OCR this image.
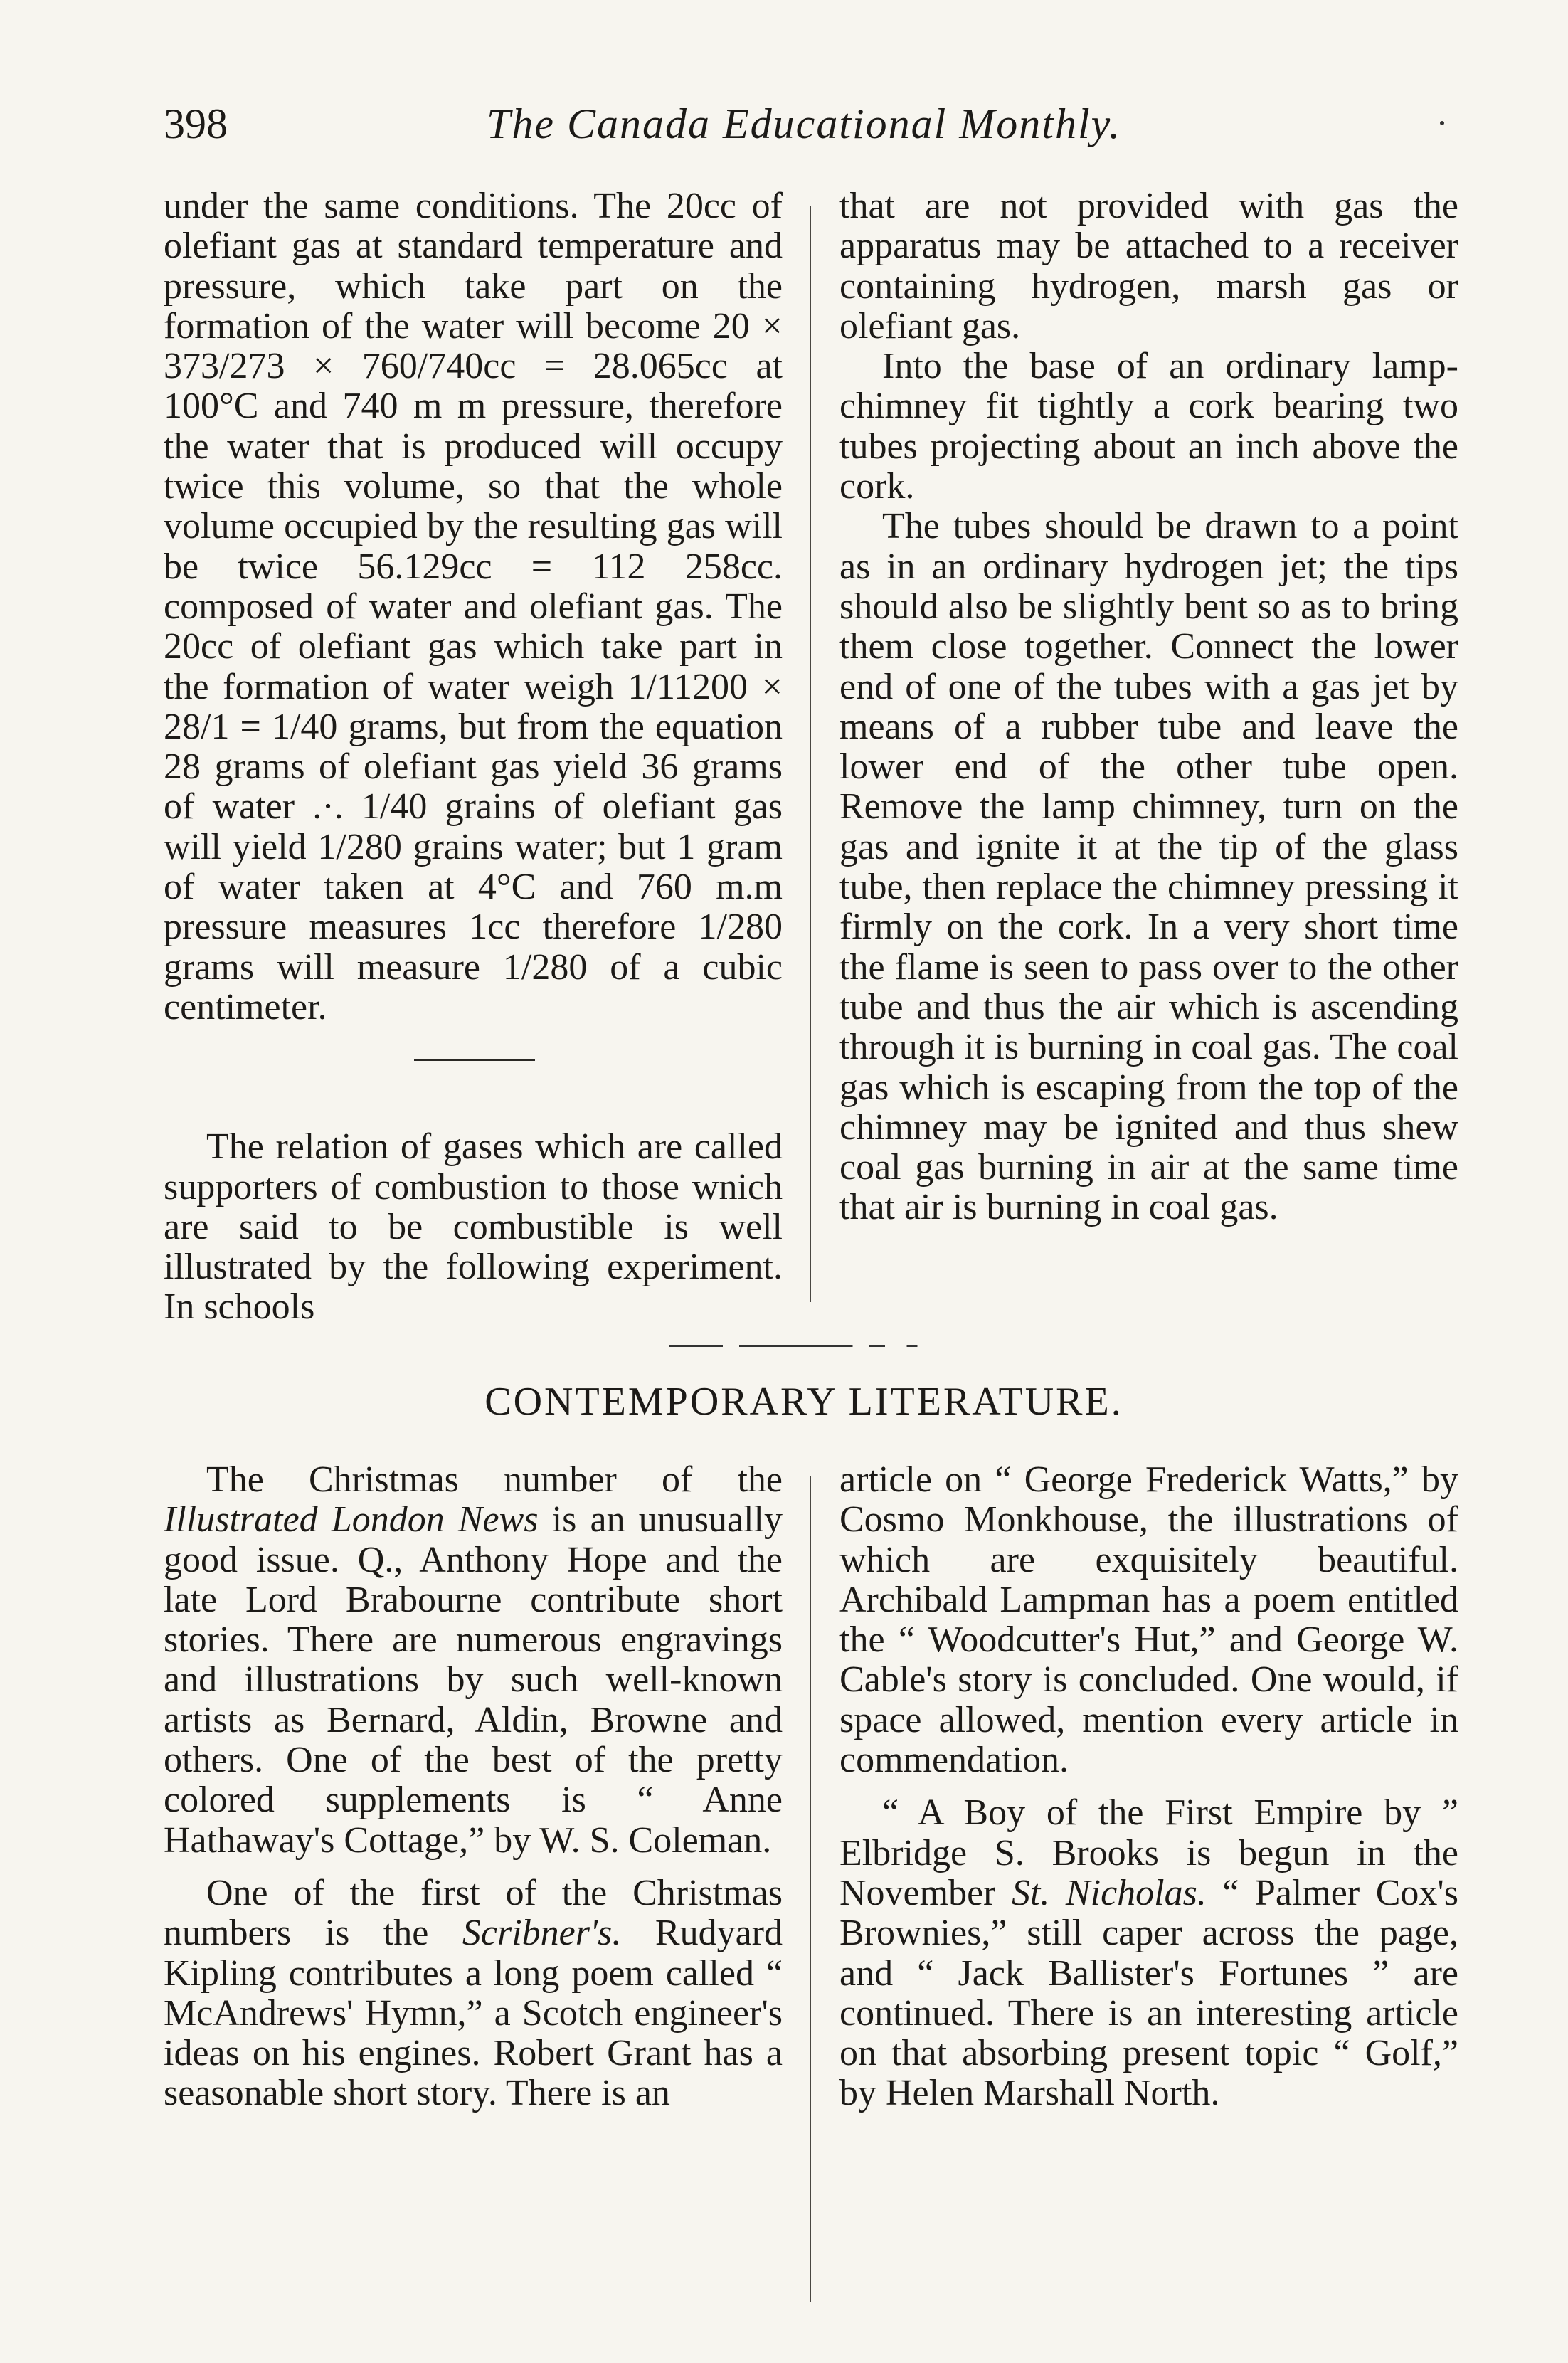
398	The Canada Educational Monthly.

under the same conditions. The 20cc of olefiant gas at standard temperature and pressure, which take part on the formation of the water will become 20 × 373/273 × 760/740cc = 28.065cc at 100°C and 740 m m pressure, therefore the water that is produced will occupy twice this volume, so that the whole volume occupied by the resulting gas will be twice 56.129cc = 112 258cc. composed of water and olefiant gas. The 20cc of olefiant gas which take part in the formation of water weigh 1/11200 × 28/1 = 1/40 grams, but from the equation 28 grams of olefiant gas yield 36 grams of water .·. 1/40 grains of olefiant gas will yield 1/280 grains water; but 1 gram of water taken at 4°C and 760 m.m pressure measures 1cc therefore 1/280 grams will measure 1/280 of a cubic centimeter.

The relation of gases which are called supporters of combustion to those wnich are said to be combustible is well illustrated by the following experiment. In schools

that are not provided with gas the apparatus may be attached to a receiver containing hydrogen, marsh gas or olefiant gas.

Into the base of an ordinary lamp-chimney fit tightly a cork bearing two tubes projecting about an inch above the cork.

The tubes should be drawn to a point as in an ordinary hydrogen jet; the tips should also be slightly bent so as to bring them close together. Connect the lower end of one of the tubes with a gas jet by means of a rubber tube and leave the lower end of the other tube open. Remove the lamp chimney, turn on the gas and ignite it at the tip of the glass tube, then replace the chimney pressing it firmly on the cork. In a very short time the flame is seen to pass over to the other tube and thus the air which is ascending through it is burning in coal gas. The coal gas which is escaping from the top of the chimney may be ignited and thus shew coal gas burning in air at the same time that air is burning in coal gas.

CONTEMPORARY LITERATURE.

The Christmas number of the Illustrated London News is an unusually good issue. Q., Anthony Hope and the late Lord Brabourne contribute short stories. There are numerous engravings and illustrations by such well-known artists as Bernard, Aldin, Browne and others. One of the best of the pretty colored supplements is “ Anne Hathaway's Cottage,” by W. S. Coleman.

One of the first of the Christmas numbers is the Scribner's. Rudyard Kipling contributes a long poem called “ McAndrews' Hymn,” a Scotch engineer's ideas on his engines. Robert Grant has a seasonable short story. There is an

article on “ George Frederick Watts,” by Cosmo Monkhouse, the illustrations of which are exquisitely beautiful. Archibald Lampman has a poem entitled the “ Woodcutter's Hut,” and George W. Cable's story is concluded. One would, if space allowed, mention every article in commendation.

“ A Boy of the First Empire by ” Elbridge S. Brooks is begun in the November St. Nicholas. “ Palmer Cox's Brownies,” still caper across the page, and “ Jack Ballister's Fortunes ” are continued. There is an interesting article on that absorbing present topic “ Golf,” by Helen Marshall North.
